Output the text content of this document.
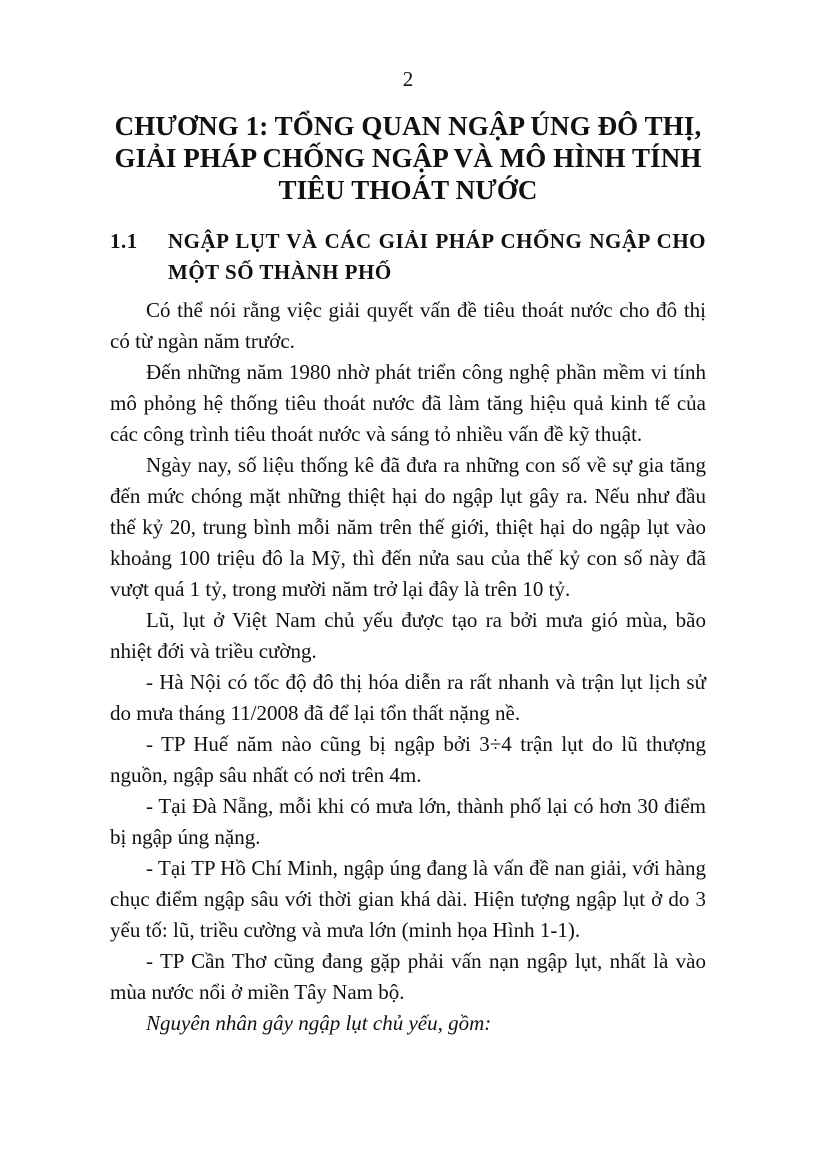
2
CHƯƠNG 1: TỔNG QUAN NGẬP ÚNG ĐÔ THỊ,
GIẢI PHÁP CHỐNG NGẬP VÀ MÔ HÌNH TÍNH
TIÊU THOÁT NƯỚC
1.1 NGẬP LỤT VÀ CÁC GIẢI PHÁP CHỐNG NGẬP CHO
MỘT SỐ THÀNH PHỐ

Có thể nói rằng việc giải quyết vấn đề tiêu thoát nước cho đô thị có từ ngàn năm trước.

Đến những năm 1980 nhờ phát triển công nghệ phần mềm vi tính mô phỏng hệ thống tiêu thoát nước đã làm tăng hiệu quả kinh tế của các công trình tiêu thoát nước và sáng tỏ nhiều vấn đề kỹ thuật.

Ngày nay, số liệu thống kê đã đưa ra những con số về sự gia tăng đến mức chóng mặt những thiệt hại do ngập lụt gây ra. Nếu như đầu thế kỷ 20, trung bình mỗi năm trên thế giới, thiệt hại do ngập lụt vào khoảng 100 triệu đô la Mỹ, thì đến nửa sau của thế kỷ con số này đã vượt quá 1 tỷ, trong mười năm trở lại đây là trên 10 tỷ.

Lũ, lụt ở Việt Nam chủ yếu được tạo ra bởi mưa gió mùa, bão nhiệt đới và triều cường.

- Hà Nội có tốc độ đô thị hóa diễn ra rất nhanh và trận lụt lịch sử do mưa tháng 11/2008 đã để lại tổn thất nặng nề.

- TP Huế năm nào cũng bị ngập bởi 3÷4 trận lụt do lũ thượng nguồn, ngập sâu nhất có nơi trên 4m.

- Tại Đà Nẵng, mỗi khi có mưa lớn, thành phố lại có hơn 30 điểm bị ngập úng nặng.

- Tại TP Hồ Chí Minh, ngập úng đang là vấn đề nan giải, với hàng chục điểm ngập sâu với thời gian khá dài. Hiện tượng ngập lụt ở do 3 yếu tố: lũ, triều cường và mưa lớn (minh họa Hình 1-1).

- TP Cần Thơ cũng đang gặp phải vấn nạn ngập lụt, nhất là vào mùa nước nổi ở miền Tây Nam bộ.

Nguyên nhân gây ngập lụt chủ yếu, gồm:
